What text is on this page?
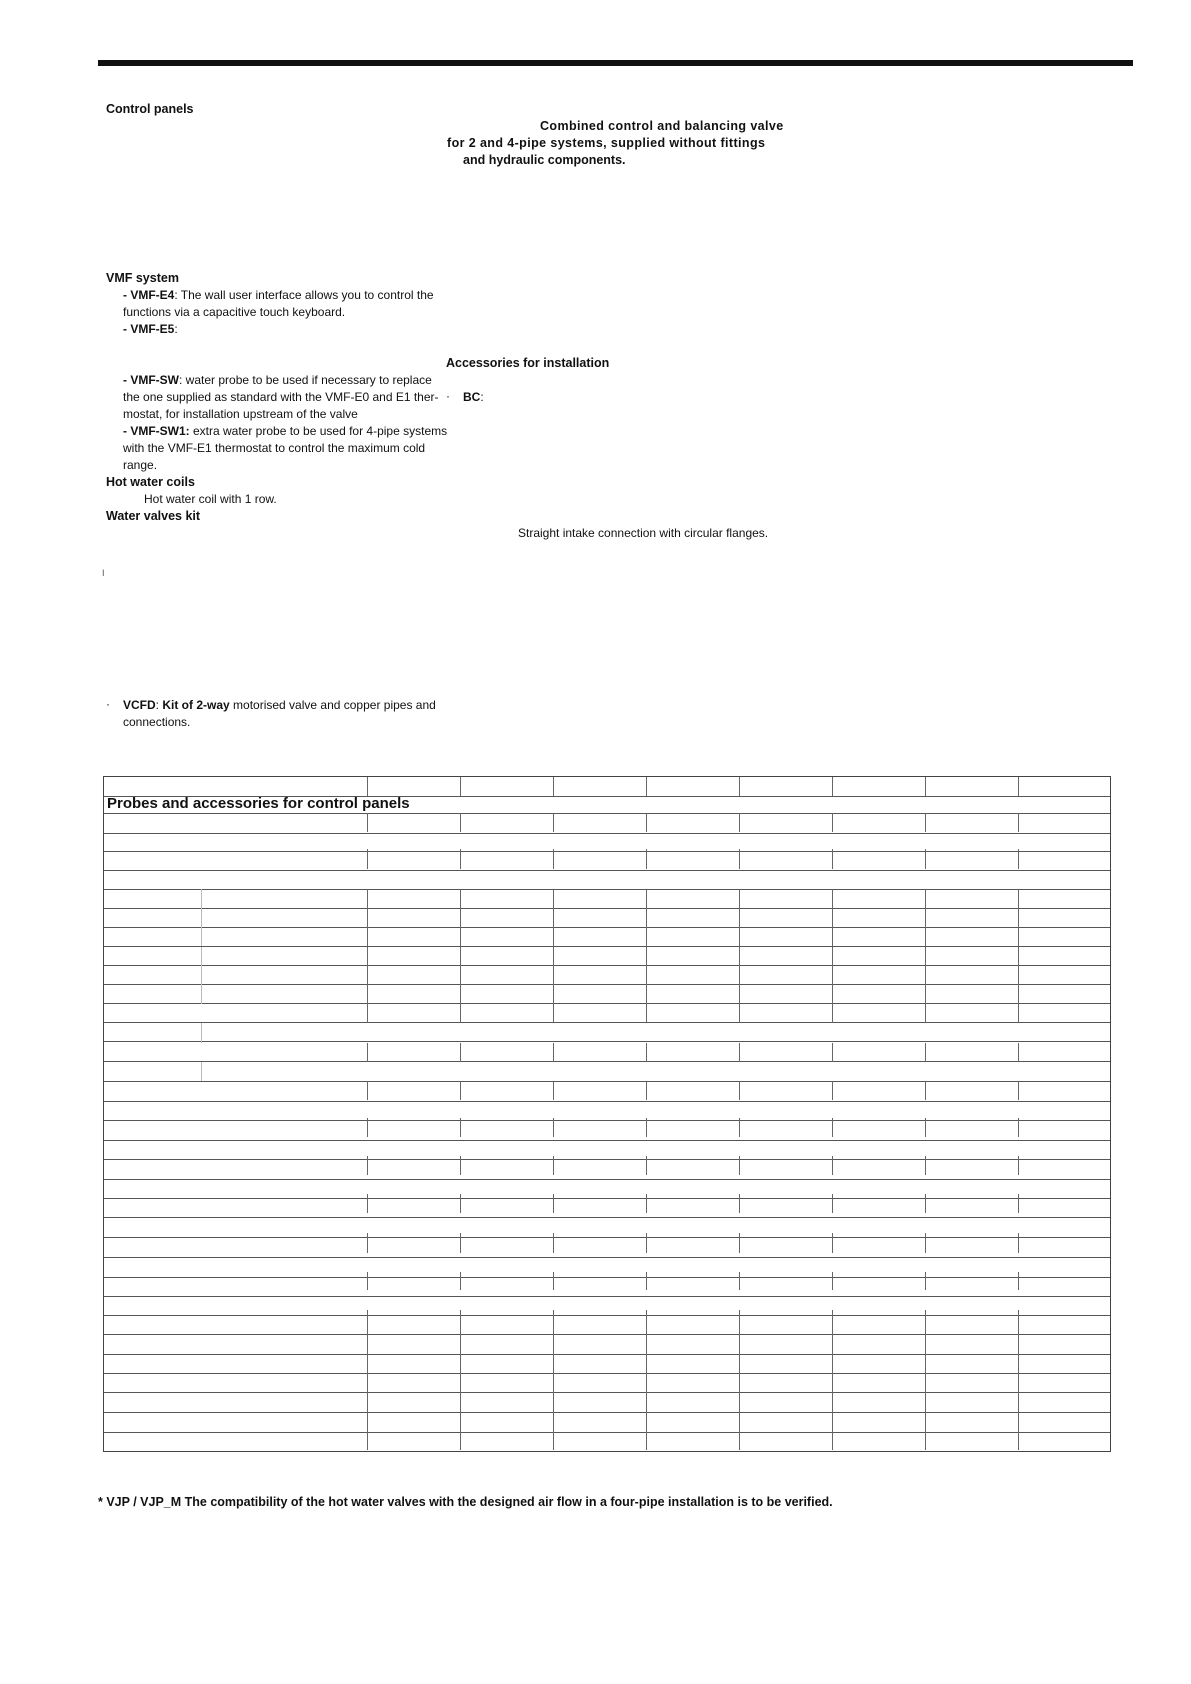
Control panels
VMF system
- VMF-E4: The wall user interface allows you to control the
functions via a capacitive touch keyboard.
- VMF-E5:
- VMF-SW: water probe to be used if necessary to replace
the one supplied as standard with the VMF-E0 and E1 ther-
mostat, for installation upstream of the valve
- VMF-SW1: extra water probe to be used for 4-pipe systems
with the VMF-E1 thermostat to control the maximum cold
range.
Hot water coils
Hot water coil with 1 row.
Water valves kit
I
· VCFD: Kit of 2-way motorised valve and copper pipes and
connections.
Combined control and balancing valve
for 2 and 4-pipe systems, supplied without fittings
and hydraulic components.
Accessories for installation
· BC:
Straight intake connection with circular flanges.
Probes and accessories for control panels
* VJP / VJP_M The compatibility of the hot water valves with the designed air flow in a four-pipe installation is to be verified.
